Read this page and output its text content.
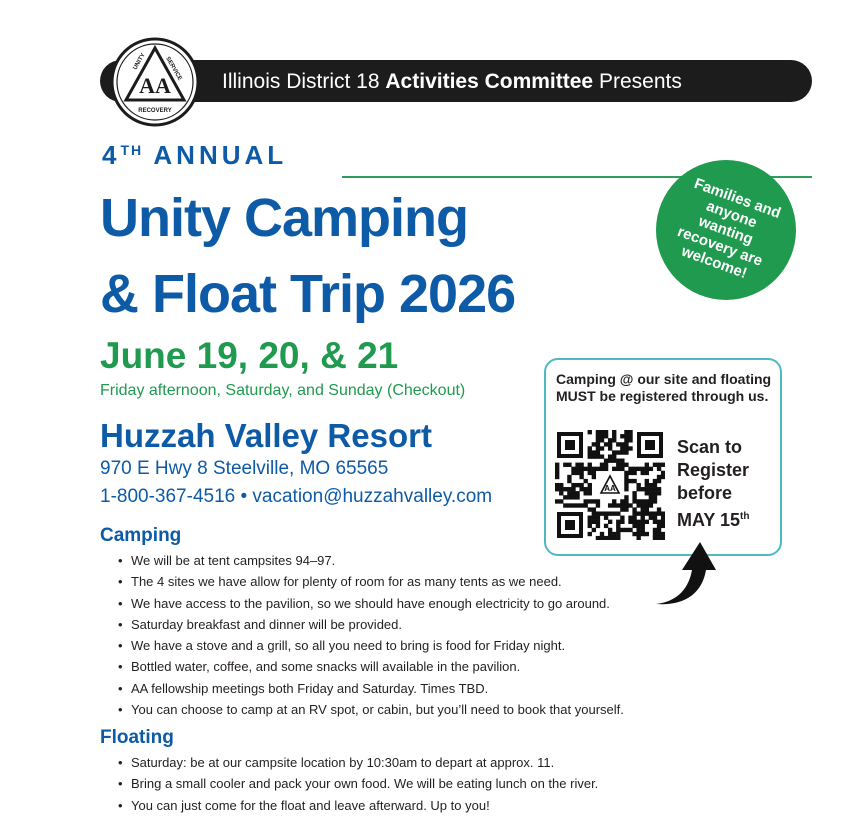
Illinois District 18 Activities Committee Presents
AA
UNITY	SERVICE
RECOVERY
4TH ANNUAL
Unity Camping
& Float Trip 2026
Families and anyone wanting recovery are welcome!
June 19, 20, & 21
Friday afternoon, Saturday, and Sunday (Checkout)
Huzzah Valley Resort
970 E Hwy 8 Steelville, MO 65565
1-800-367-4516 • vacation@huzzahvalley.com
Camping @ our site and floating MUST be registered through us.
AA
Scan to
Register
before
MAY 15th
Camping
• We will be at tent campsites 94–97.
• The 4 sites we have allow for plenty of room for as many tents as we need.
• We have access to the pavilion, so we should have enough electricity to go around.
• Saturday breakfast and dinner will be provided.
• We have a stove and a grill, so all you need to bring is food for Friday night.
• Bottled water, coffee, and some snacks will available in the pavilion.
• AA fellowship meetings both Friday and Saturday. Times TBD.
• You can choose to camp at an RV spot, or cabin, but you’ll need to book that yourself.
Floating
• Saturday: be at our campsite location by 10:30am to depart at approx. 11.
• Bring a small cooler and pack your own food. We will be eating lunch on the river.
• You can just come for the float and leave afterward. Up to you!
